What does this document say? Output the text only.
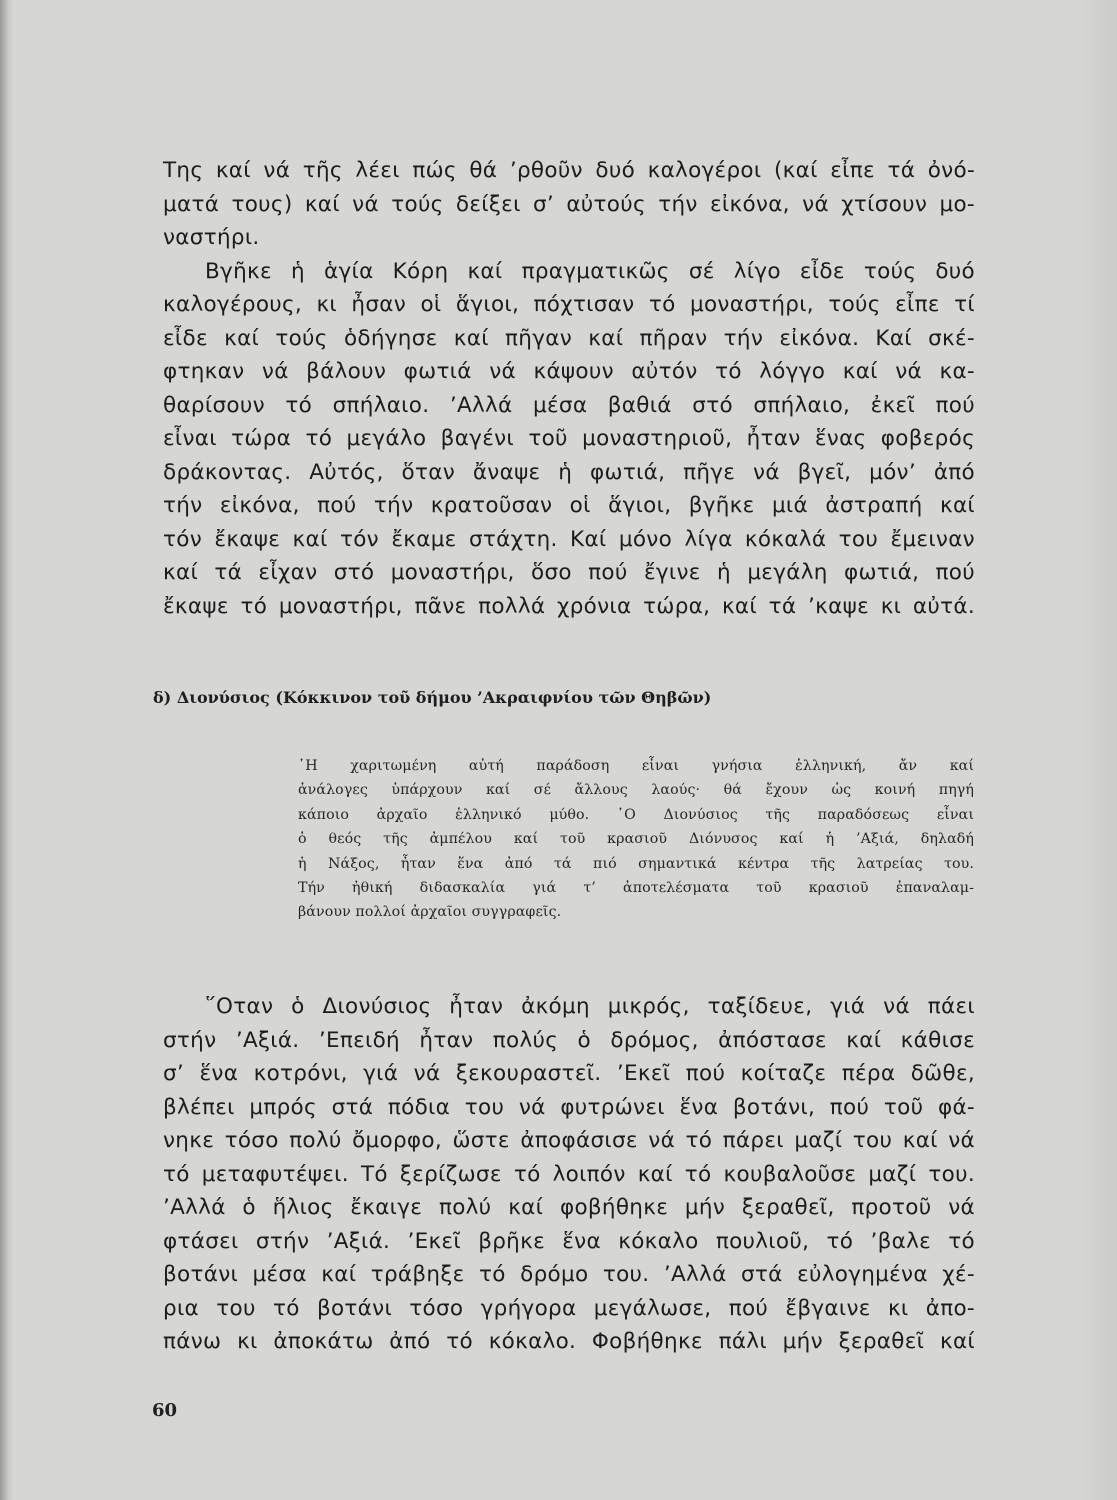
Της καί νά τῆς λέει πώς θά ’ρθοῦν δυό καλογέροι (καί εἶπε τά ὀνό-
ματά τους) καί νά τούς δείξει σ’ αὐτούς τήν εἰκόνα, νά χτίσουν μο-
ναστήρι.
Βγῆκε ἡ ἁγία Κόρη καί πραγματικῶς σέ λίγο εἶδε τούς δυό
καλογέρους, κι ἦσαν οἱ ἅγιοι, πόχτισαν τό μοναστήρι, τούς εἶπε τί
εἶδε καί τούς ὁδήγησε καί πῆγαν καί πῆραν τήν εἰκόνα. Καί σκέ-
φτηκαν νά βάλουν φωτιά νά κάψουν αὐτόν τό λόγγο καί νά κα-
θαρίσουν τό σπήλαιο. ’Αλλά μέσα βαθιά στό σπήλαιο, ἐκεῖ πού
εἶναι τώρα τό μεγάλο βαγένι τοῦ μοναστηριοῦ, ἦταν ἕνας φοβερός
δράκοντας. Αὐτός, ὅταν ἄναψε ἡ φωτιά, πῆγε νά βγεῖ, μόν’ ἀπό
τήν εἰκόνα, πού τήν κρατοῦσαν οἱ ἅγιοι, βγῆκε μιά ἀστραπή καί
τόν ἔκαψε καί τόν ἔκαμε στάχτη. Καί μόνο λίγα κόκαλά του ἔμειναν
καί τά εἶχαν στό μοναστήρι, ὅσο πού ἔγινε ἡ μεγάλη φωτιά, πού
ἔκαψε τό μοναστήρι, πᾶνε πολλά χρόνια τώρα, καί τά ’καψε κι αὐτά.
δ) Διονύσιος (Κόκκινον τοῦ δήμου ’Ακραιφνίου τῶν Θηβῶν)
῾Η χαριτωμένη αὐτή παράδοση εἶναι γνήσια ἑλληνική, ἄν καί
ἀνάλογες ὑπάρχουν καί σέ ἄλλους λαούς· θά ἔχουν ὡς κοινή πηγή
κάποιο ἀρχαῖο ἑλληνικό μύθο. ῾Ο Διονύσιος τῆς παραδόσεως εἶναι
ὁ θεός τῆς ἀμπέλου καί τοῦ κρασιοῦ Διόνυσος καί ἡ ’Αξιά, δηλαδή
ἡ Νάξος, ἦταν ἕνα ἀπό τά πιό σημαντικά κέντρα τῆς λατρείας του.
Τήν ἠθική διδασκαλία γιά τ’ ἀποτελέσματα τοῦ κρασιοῦ ἐπαναλαμ-
βάνουν πολλοί ἀρχαῖοι συγγραφεῖς.
῞Οταν ὁ Διονύσιος ἦταν ἀκόμη μικρός, ταξίδευε, γιά νά πάει
στήν ’Αξιά. ’Επειδή ἦταν πολύς ὁ δρόμος, ἀπόστασε καί κάθισε
σ’ ἕνα κοτρόνι, γιά νά ξεκουραστεῖ. ’Εκεῖ πού κοίταζε πέρα δῶθε,
βλέπει μπρός στά πόδια του νά φυτρώνει ἕνα βοτάνι, πού τοῦ φά-
νηκε τόσο πολύ ὄμορφο, ὥστε ἀποφάσισε νά τό πάρει μαζί του καί νά
τό μεταφυτέψει. Τό ξερίζωσε τό λοιπόν καί τό κουβαλοῦσε μαζί του.
’Αλλά ὁ ἥλιος ἔκαιγε πολύ καί φοβήθηκε μήν ξεραθεῖ, προτοῦ νά
φτάσει στήν ’Αξιά. ’Εκεῖ βρῆκε ἕνα κόκαλο πουλιοῦ, τό ’βαλε τό
βοτάνι μέσα καί τράβηξε τό δρόμο του. ’Αλλά στά εὐλογημένα χέ-
ρια του τό βοτάνι τόσο γρήγορα μεγάλωσε, πού ἔβγαινε κι ἀπο-
πάνω κι ἀποκάτω ἀπό τό κόκαλο. Φοβήθηκε πάλι μήν ξεραθεῖ καί
60
